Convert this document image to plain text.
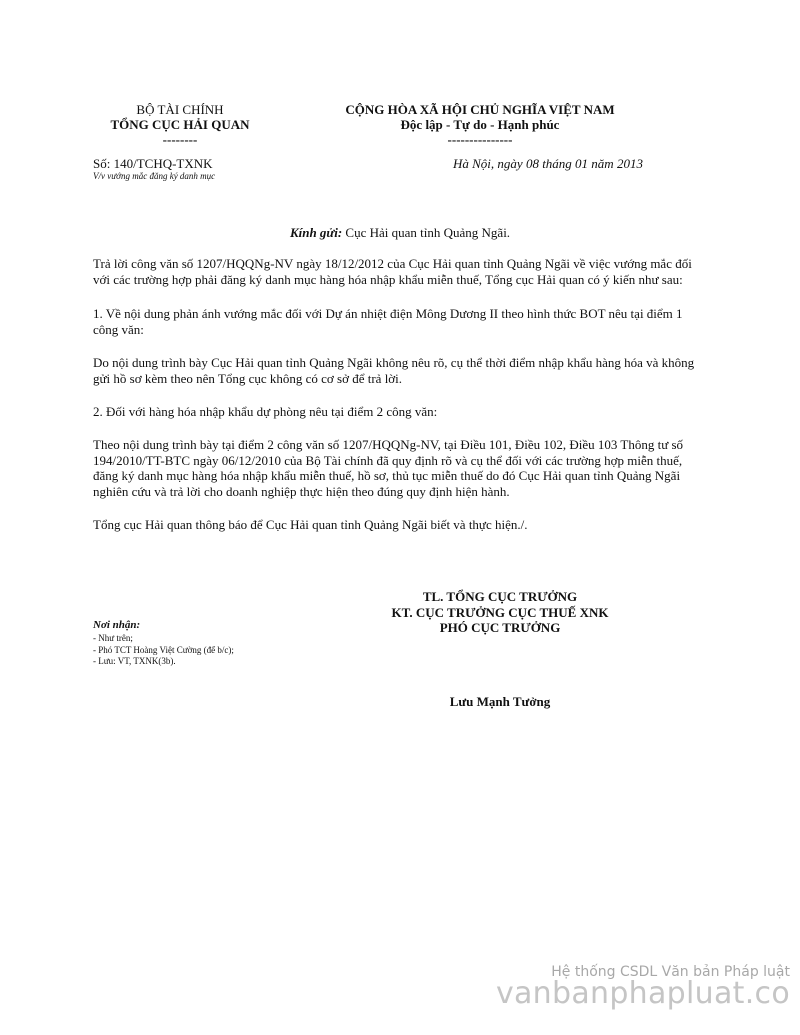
BỘ TÀI CHÍNH
TỔNG CỤC HẢI QUAN
--------
CỘNG HÒA XÃ HỘI CHỦ NGHĨA VIỆT NAM
Độc lập - Tự do - Hạnh phúc
---------------
Số: 140/TCHQ-TXNK
V/v vướng mắc đăng ký danh mục
Hà Nội, ngày 08 tháng 01 năm 2013
Kính gửi: Cục Hải quan tỉnh Quảng Ngãi.
Trả lời công văn số 1207/HQQNg-NV ngày 18/12/2012 của Cục Hải quan tỉnh Quảng Ngãi về việc vướng mắc đối với các trường hợp phải đăng ký danh mục hàng hóa nhập khẩu miễn thuế, Tổng cục Hải quan có ý kiến như sau:
1. Về nội dung phản ánh vướng mắc đối với Dự án nhiệt điện Mông Dương II theo hình thức BOT nêu tại điểm 1 công văn:
Do nội dung trình bày Cục Hải quan tỉnh Quảng Ngãi không nêu rõ, cụ thể thời điểm nhập khẩu hàng hóa và không gửi hồ sơ kèm theo nên Tổng cục không có cơ sở để trả lời.
2. Đối với hàng hóa nhập khẩu dự phòng nêu tại điểm 2 công văn:
Theo nội dung trình bày tại điểm 2 công văn số 1207/HQQNg-NV, tại Điều 101, Điều 102, Điều 103 Thông tư số 194/2010/TT-BTC ngày 06/12/2010 của Bộ Tài chính đã quy định rõ và cụ thể đối với các trường hợp miễn thuế, đăng ký danh mục hàng hóa nhập khẩu miễn thuế, hồ sơ, thủ tục miễn thuế do đó Cục Hải quan tỉnh Quảng Ngãi nghiên cứu và trả lời cho doanh nghiệp thực hiện theo đúng quy định hiện hành.
Tổng cục Hải quan thông báo để Cục Hải quan tỉnh Quảng Ngãi biết và thực hiện./.
TL. TỔNG CỤC TRƯỞNG
KT. CỤC TRƯỞNG CỤC THUẾ XNK
PHÓ CỤC TRƯỞNG
Lưu Mạnh Tưởng
Nơi nhận:
- Như trên;
- Phó TCT Hoàng Việt Cường (để b/c);
- Lưu: VT, TXNK(3b).
Hệ thống CSDL Văn bản Pháp luật
vanbanphapluat.co
